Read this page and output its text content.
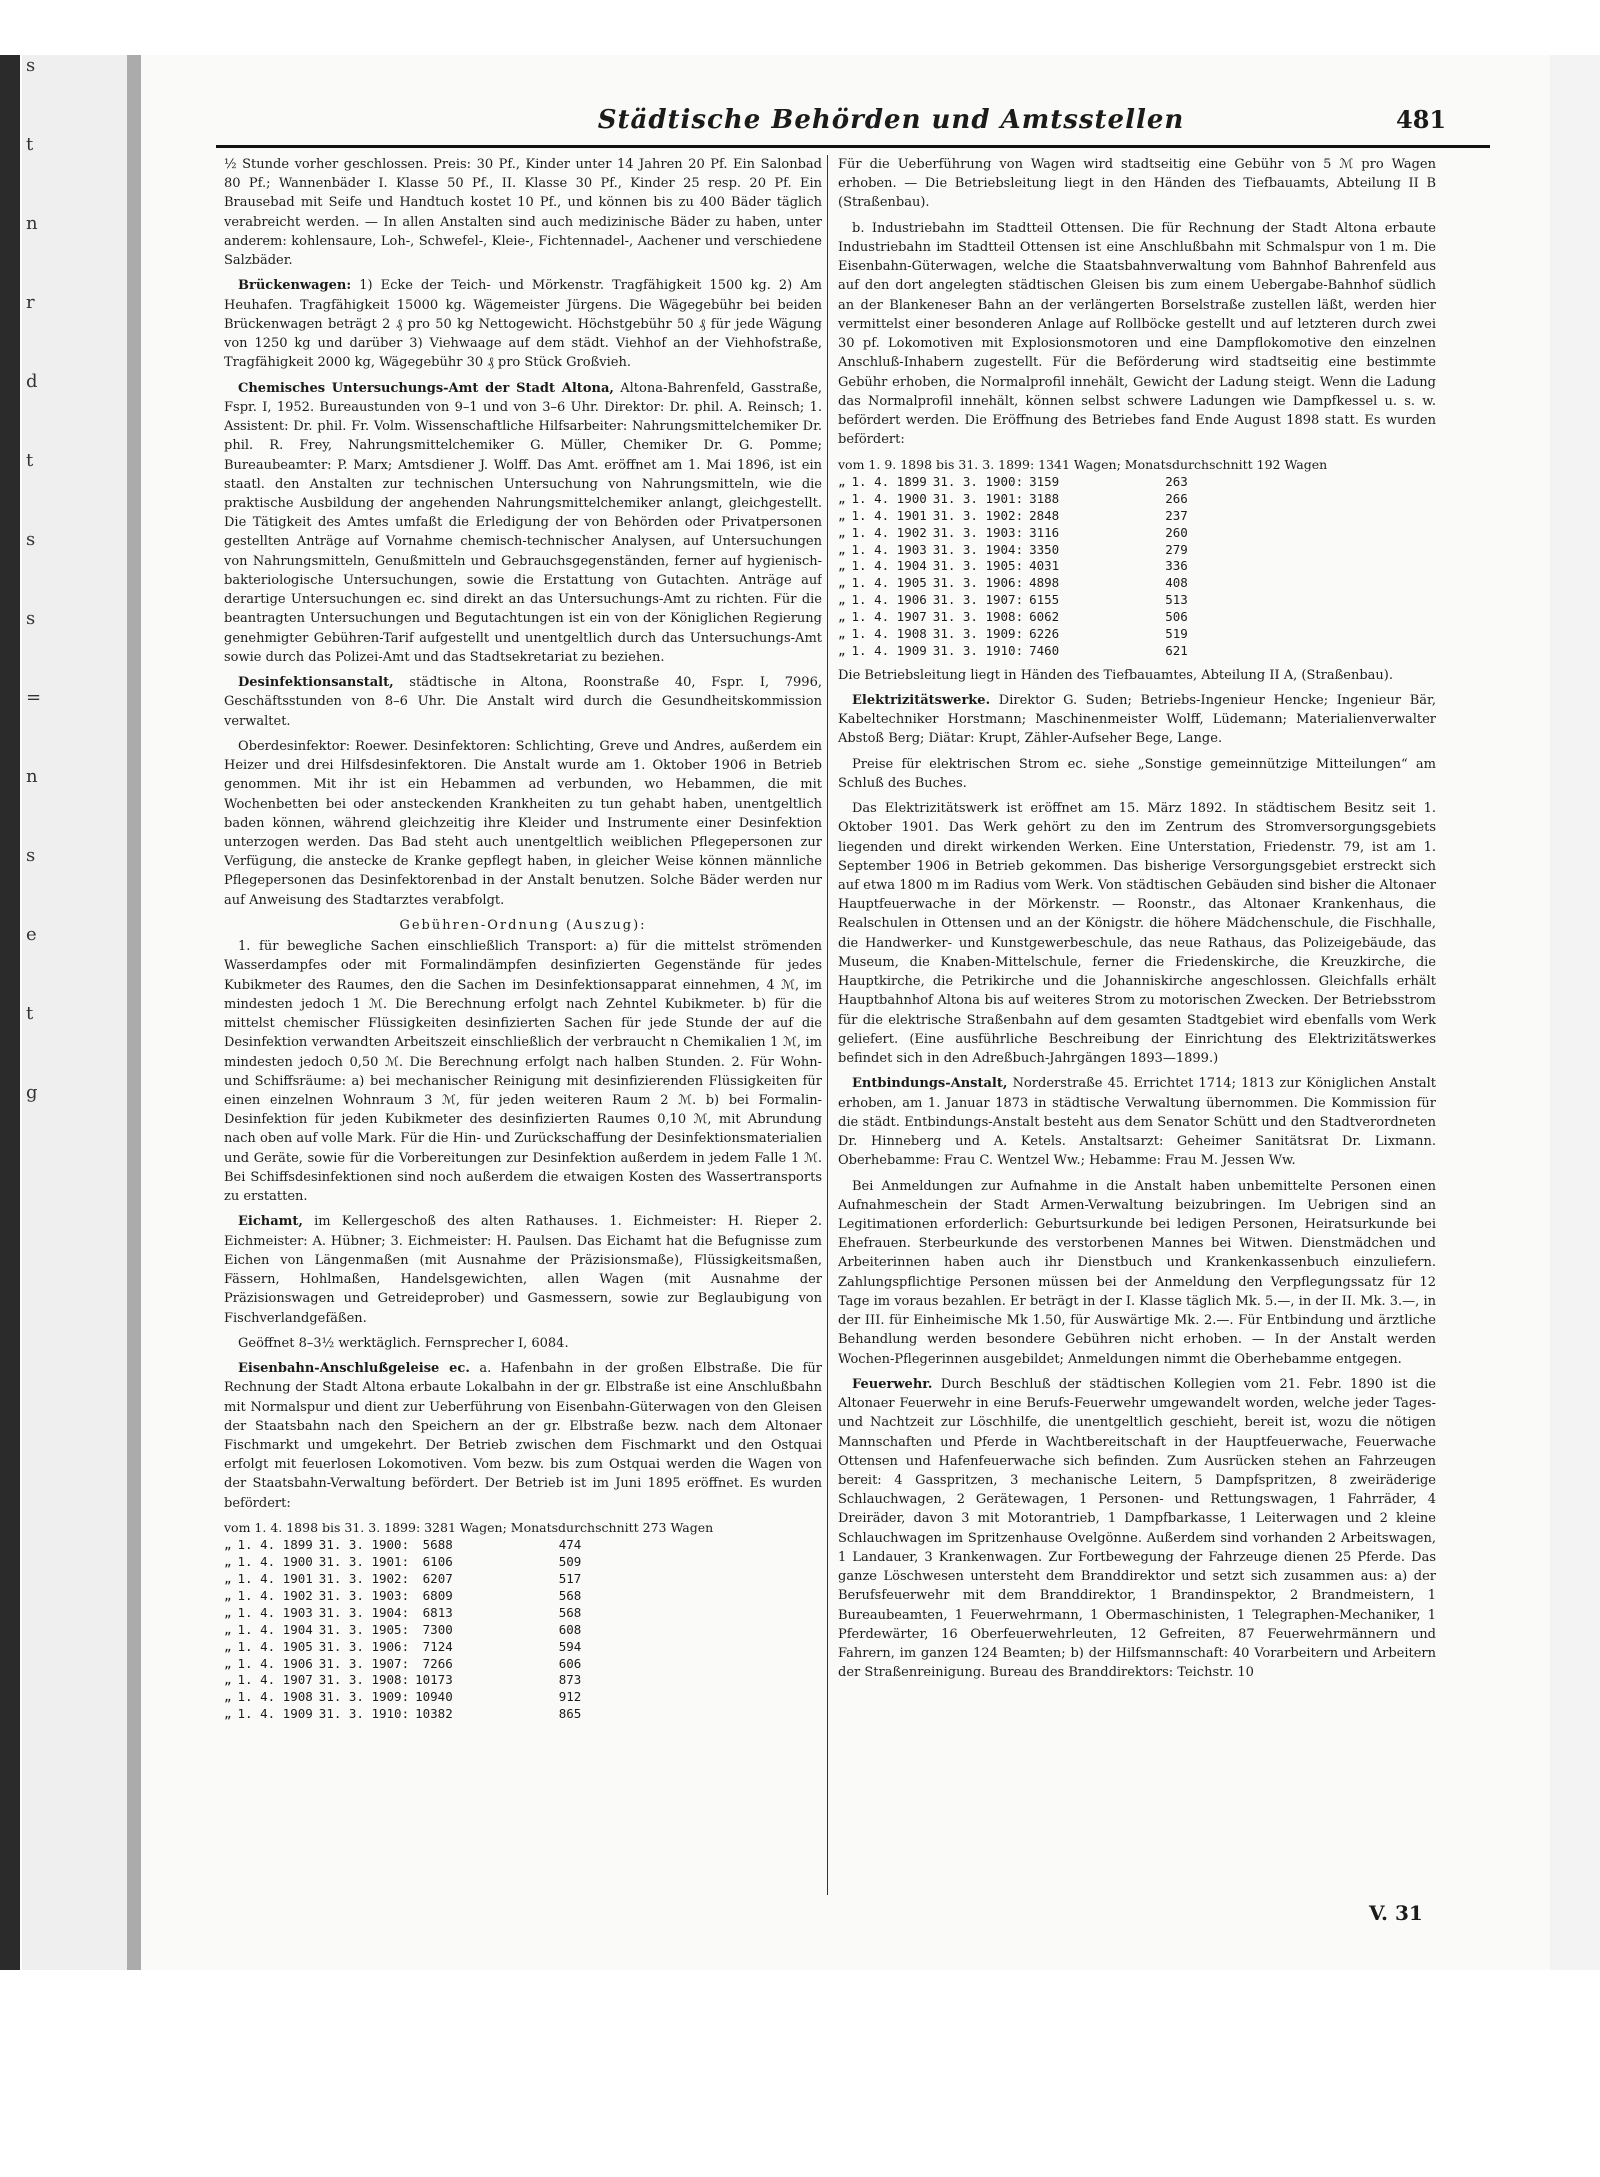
s
t
n
r
d
t
s
s
=
n
s
e
t
g
Städtische Behörden und Amtsstellen	481

½ Stunde vorher geschlossen. Preis: 30 Pf., Kinder unter 14 Jahren 20 Pf. Ein Salonbad 80 Pf.; Wannenbäder I. Klasse 50 Pf., II. Klasse 30 Pf., Kinder 25 resp. 20 Pf. Ein Brausebad mit Seife und Handtuch kostet 10 Pf., und können bis zu 400 Bäder täglich verabreicht werden. — In allen Anstalten sind auch medizinische Bäder zu haben, unter anderem: kohlensaure, Loh-, Schwefel-, Kleie-, Fichtennadel-, Aachener und verschiedene Salzbäder.

Brückenwagen: 1) Ecke der Teich- und Mörkenstr. Tragfähigkeit 1500 kg. 2) Am Heuhafen. Tragfähigkeit 15000 kg. Wägemeister Jürgens. Die Wägegebühr bei beiden Brückenwagen beträgt 2 ₰ pro 50 kg Nettogewicht. Höchstgebühr 50 ₰ für jede Wägung von 1250 kg und darüber 3) Viehwaage auf dem städt. Viehhof an der Viehhofstraße, Tragfähigkeit 2000 kg, Wägegebühr 30 ₰ pro Stück Großvieh.

Chemisches Untersuchungs-Amt der Stadt Altona, Altona-Bahrenfeld, Gasstraße, Fspr. I, 1952. Bureaustunden von 9–1 und von 3–6 Uhr. Direktor: Dr. phil. A. Reinsch; 1. Assistent: Dr. phil. Fr. Volm. Wissenschaftliche Hilfsarbeiter: Nahrungsmittelchemiker Dr. phil. R. Frey, Nahrungsmittelchemiker G. Müller, Chemiker Dr. G. Pomme; Bureaubeamter: P. Marx; Amtsdiener J. Wolff. Das Amt. eröffnet am 1. Mai 1896, ist ein staatl. den Anstalten zur technischen Untersuchung von Nahrungsmitteln, wie die praktische Ausbildung der angehenden Nahrungsmittelchemiker anlangt, gleichgestellt. Die Tätigkeit des Amtes umfaßt die Erledigung der von Behörden oder Privatpersonen gestellten Anträge auf Vornahme chemisch-technischer Analysen, auf Untersuchungen von Nahrungsmitteln, Genußmitteln und Gebrauchsgegenständen, ferner auf hygienisch-bakteriologische Untersuchungen, sowie die Erstattung von Gutachten. Anträge auf derartige Untersuchungen ec. sind direkt an das Untersuchungs-Amt zu richten. Für die beantragten Untersuchungen und Begutachtungen ist ein von der Königlichen Regierung genehmigter Gebühren-Tarif aufgestellt und unentgeltlich durch das Untersuchungs-Amt sowie durch das Polizei-Amt und das Stadtsekretariat zu beziehen.

Desinfektionsanstalt, städtische in Altona, Roonstraße 40, Fspr. I, 7996, Geschäftsstunden von 8–6 Uhr. Die Anstalt wird durch die Gesundheitskommission verwaltet.

Oberdesinfektor: Roewer. Desinfektoren: Schlichting, Greve und Andres, außerdem ein Heizer und drei Hilfsdesinfektoren. Die Anstalt wurde am 1. Oktober 1906 in Betrieb genommen. Mit ihr ist ein Hebammen ad verbunden, wo Hebammen, die mit Wochenbetten bei oder ansteckenden Krankheiten zu tun gehabt haben, unentgeltlich baden können, während gleichzeitig ihre Kleider und Instrumente einer Desinfektion unterzogen werden. Das Bad steht auch unentgeltlich weiblichen Pflegepersonen zur Verfügung, die anstecke de Kranke gepflegt haben, in gleicher Weise können männliche Pflegepersonen das Desinfektorenbad in der Anstalt benutzen. Solche Bäder werden nur auf Anweisung des Stadtarztes verabfolgt.

Gebühren-Ordnung (Auszug):

1. für bewegliche Sachen einschließlich Transport: a) für die mittelst strömenden Wasserdampfes oder mit Formalindämpfen desinfizierten Gegenstände für jedes Kubikmeter des Raumes, den die Sachen im Desinfektionsapparat einnehmen, 4 ℳ, im mindesten jedoch 1 ℳ. Die Berechnung erfolgt nach Zehntel Kubikmeter. b) für die mittelst chemischer Flüssigkeiten desinfizierten Sachen für jede Stunde der auf die Desinfektion verwandten Arbeitszeit einschließlich der verbraucht n Chemikalien 1 ℳ, im mindesten jedoch 0,50 ℳ. Die Berechnung erfolgt nach halben Stunden. 2. Für Wohn- und Schiffsräume: a) bei mechanischer Reinigung mit desinfizierenden Flüssigkeiten für einen einzelnen Wohnraum 3 ℳ, für jeden weiteren Raum 2 ℳ. b) bei Formalin-Desinfektion für jeden Kubikmeter des desinfizierten Raumes 0,10 ℳ, mit Abrundung nach oben auf volle Mark. Für die Hin- und Zurückschaffung der Desinfektionsmaterialien und Geräte, sowie für die Vorbereitungen zur Desinfektion außerdem in jedem Falle 1 ℳ. Bei Schiffsdesinfektionen sind noch außerdem die etwaigen Kosten des Wassertransports zu erstatten.

Eichamt, im Kellergeschoß des alten Rathauses. 1. Eichmeister: H. Rieper 2. Eichmeister: A. Hübner; 3. Eichmeister: H. Paulsen. Das Eichamt hat die Befugnisse zum Eichen von Längenmaßen (mit Ausnahme der Präzisionsmaße), Flüssigkeitsmaßen, Fässern, Hohlmaßen, Handelsgewichten, allen Wagen (mit Ausnahme der Präzisionswagen und Getreideprober) und Gasmessern, sowie zur Beglaubigung von Fischverlandgefäßen.

Geöffnet 8–3½ werktäglich. Fernsprecher I, 6084.

Eisenbahn-Anschlußgeleise ec. a. Hafenbahn in der großen Elbstraße. Die für Rechnung der Stadt Altona erbaute Lokalbahn in der gr. Elbstraße ist eine Anschlußbahn mit Normalspur und dient zur Ueberführung von Eisenbahn-Güterwagen von den Gleisen der Staatsbahn nach den Speichern an der gr. Elbstraße bezw. nach dem Altonaer Fischmarkt und umgekehrt. Der Betrieb zwischen dem Fischmarkt und den Ostquai erfolgt mit feuerlosen Lokomotiven. Vom bezw. bis zum Ostquai werden die Wagen von der Staatsbahn-Verwaltung befördert. Der Betrieb ist im Juni 1895 eröffnet. Es wurden befördert:

vom 1. 4. 1898 bis 31. 3. 1899: 3281 Wagen; Monatsdurchschnitt 273 Wagen
„	1. 4. 1899	31. 3. 1900:	5688	474
„	1. 4. 1900	31. 3. 1901:	6106	509
„	1. 4. 1901	31. 3. 1902:	6207	517
„	1. 4. 1902	31. 3. 1903:	6809	568
„	1. 4. 1903	31. 3. 1904:	6813	568
„	1. 4. 1904	31. 3. 1905:	7300	608
„	1. 4. 1905	31. 3. 1906:	7124	594
„	1. 4. 1906	31. 3. 1907:	7266	606
„	1. 4. 1907	31. 3. 1908:	10173	873
„	1. 4. 1908	31. 3. 1909:	10940	912
„	1. 4. 1909	31. 3. 1910:	10382	865

Für die Ueberführung von Wagen wird stadtseitig eine Gebühr von 5 ℳ pro Wagen erhoben. — Die Betriebsleitung liegt in den Händen des Tiefbauamts, Abteilung II B (Straßenbau).

b. Industriebahn im Stadtteil Ottensen. Die für Rechnung der Stadt Altona erbaute Industriebahn im Stadtteil Ottensen ist eine Anschlußbahn mit Schmalspur von 1 m. Die Eisenbahn-Güterwagen, welche die Staatsbahnverwaltung vom Bahnhof Bahrenfeld aus auf den dort angelegten städtischen Gleisen bis zum einem Uebergabe-Bahnhof südlich an der Blankeneser Bahn an der verlängerten Borselstraße zustellen läßt, werden hier vermittelst einer besonderen Anlage auf Rollböcke gestellt und auf letzteren durch zwei 30 pf. Lokomotiven mit Explosionsmotoren und eine Dampflokomotive den einzelnen Anschluß-Inhabern zugestellt. Für die Beförderung wird stadtseitig eine bestimmte Gebühr erhoben, die Normalprofil innehält, Gewicht der Ladung steigt. Wenn die Ladung das Normalprofil innehält, können selbst schwere Ladungen wie Dampfkessel u. s. w. befördert werden. Die Eröffnung des Betriebes fand Ende August 1898 statt. Es wurden befördert:

vom 1. 9. 1898 bis 31. 3. 1899: 1341 Wagen; Monatsdurchschnitt 192 Wagen
„	1. 4. 1899	31. 3. 1900:	3159	263
„	1. 4. 1900	31. 3. 1901:	3188	266
„	1. 4. 1901	31. 3. 1902:	2848	237
„	1. 4. 1902	31. 3. 1903:	3116	260
„	1. 4. 1903	31. 3. 1904:	3350	279
„	1. 4. 1904	31. 3. 1905:	4031	336
„	1. 4. 1905	31. 3. 1906:	4898	408
„	1. 4. 1906	31. 3. 1907:	6155	513
„	1. 4. 1907	31. 3. 1908:	6062	506
„	1. 4. 1908	31. 3. 1909:	6226	519
„	1. 4. 1909	31. 3. 1910:	7460	621

Die Betriebsleitung liegt in Händen des Tiefbauamtes, Abteilung II A, (Straßenbau).

Elektrizitätswerke. Direktor G. Suden; Betriebs-Ingenieur Hencke; Ingenieur Bär, Kabeltechniker Horstmann; Maschinenmeister Wolff, Lüdemann; Materialienverwalter Abstoß Berg; Diätar: Krupt, Zähler-Aufseher Bege, Lange.

Preise für elektrischen Strom ec. siehe „Sonstige gemeinnützige Mitteilungen“ am Schluß des Buches.

Das Elektrizitätswerk ist eröffnet am 15. März 1892. In städtischem Besitz seit 1. Oktober 1901. Das Werk gehört zu den im Zentrum des Stromversorgungsgebiets liegenden und direkt wirkenden Werken. Eine Unterstation, Friedenstr. 79, ist am 1. September 1906 in Betrieb gekommen. Das bisherige Versorgungsgebiet erstreckt sich auf etwa 1800 m im Radius vom Werk. Von städtischen Gebäuden sind bisher die Altonaer Hauptfeuerwache in der Mörkenstr. — Roonstr., das Altonaer Krankenhaus, die Realschulen in Ottensen und an der Königstr. die höhere Mädchenschule, die Fischhalle, die Handwerker- und Kunstgewerbeschule, das neue Rathaus, das Polizeigebäude, das Museum, die Knaben-Mittelschule, ferner die Friedenskirche, die Kreuzkirche, die Hauptkirche, die Petrikirche und die Johanniskirche angeschlossen. Gleichfalls erhält Hauptbahnhof Altona bis auf weiteres Strom zu motorischen Zwecken. Der Betriebsstrom für die elektrische Straßenbahn auf dem gesamten Stadtgebiet wird ebenfalls vom Werk geliefert. (Eine ausführliche Beschreibung der Einrichtung des Elektrizitätswerkes befindet sich in den Adreßbuch-Jahrgängen 1893—1899.)

Entbindungs-Anstalt, Norderstraße 45. Errichtet 1714; 1813 zur Königlichen Anstalt erhoben, am 1. Januar 1873 in städtische Verwaltung übernommen. Die Kommission für die städt. Entbindungs-Anstalt besteht aus dem Senator Schütt und den Stadtverordneten Dr. Hinneberg und A. Ketels. Anstaltsarzt: Geheimer Sanitätsrat Dr. Lixmann. Oberhebamme: Frau C. Wentzel Ww.; Hebamme: Frau M. Jessen Ww.

Bei Anmeldungen zur Aufnahme in die Anstalt haben unbemittelte Personen einen Aufnahmeschein der Stadt Armen-Verwaltung beizubringen. Im Uebrigen sind an Legitimationen erforderlich: Geburtsurkunde bei ledigen Personen, Heiratsurkunde bei Ehefrauen. Sterbeurkunde des verstorbenen Mannes bei Witwen. Dienstmädchen und Arbeiterinnen haben auch ihr Dienstbuch und Krankenkassenbuch einzuliefern. Zahlungspflichtige Personen müssen bei der Anmeldung den Verpflegungssatz für 12 Tage im voraus bezahlen. Er beträgt in der I. Klasse täglich Mk. 5.—, in der II. Mk. 3.—, in der III. für Einheimische Mk 1.50, für Auswärtige Mk. 2.—. Für Entbindung und ärztliche Behandlung werden besondere Gebühren nicht erhoben. — In der Anstalt werden Wochen-Pflegerinnen ausgebildet; Anmeldungen nimmt die Oberhebamme entgegen.

Feuerwehr. Durch Beschluß der städtischen Kollegien vom 21. Febr. 1890 ist die Altonaer Feuerwehr in eine Berufs-Feuerwehr umgewandelt worden, welche jeder Tages- und Nachtzeit zur Löschhilfe, die unentgeltlich geschieht, bereit ist, wozu die nötigen Mannschaften und Pferde in Wachtbereitschaft in der Hauptfeuerwache, Feuerwache Ottensen und Hafenfeuerwache sich befinden. Zum Ausrücken stehen an Fahrzeugen bereit: 4 Gasspritzen, 3 mechanische Leitern, 5 Dampfspritzen, 8 zweiräderige Schlauchwagen, 2 Gerätewagen, 1 Personen- und Rettungswagen, 1 Fahrräder, 4 Dreiräder, davon 3 mit Motorantrieb, 1 Dampfbarkasse, 1 Leiterwagen und 2 kleine Schlauchwagen im Spritzenhause Ovelgönne. Außerdem sind vorhanden 2 Arbeitswagen, 1 Landauer, 3 Krankenwagen. Zur Fortbewegung der Fahrzeuge dienen 25 Pferde. Das ganze Löschwesen untersteht dem Branddirektor und setzt sich zusammen aus: a) der Berufsfeuerwehr mit dem Branddirektor, 1 Brandinspektor, 2 Brandmeistern, 1 Bureaubeamten, 1 Feuerwehrmann, 1 Obermaschinisten, 1 Telegraphen-Mechaniker, 1 Pferdewärter, 16 Oberfeuerwehrleuten, 12 Gefreiten, 87 Feuerwehrmännern und Fahrern, im ganzen 124 Beamten; b) der Hilfsmannschaft: 40 Vorarbeitern und Arbeitern der Straßenreinigung. Bureau des Branddirektors: Teichstr. 10

V. 31
